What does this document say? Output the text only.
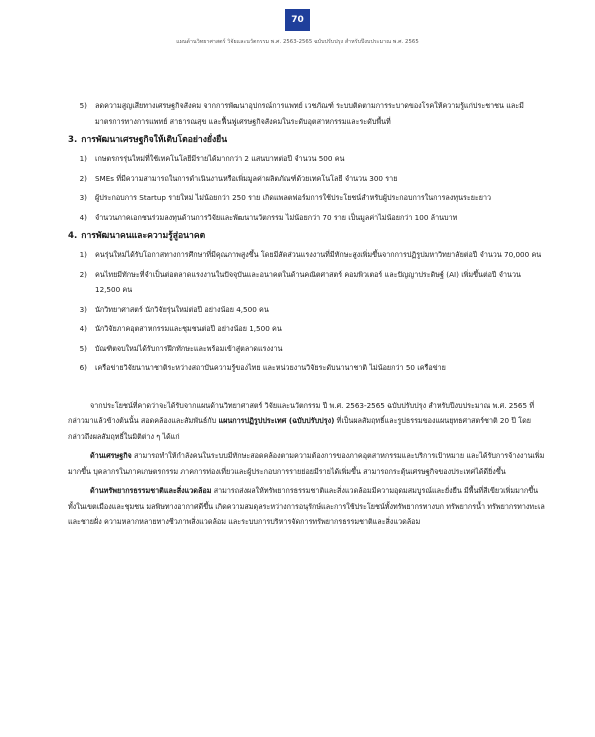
70
แผนด้านวิทยาศาสตร์ วิจัยและนวัตกรรม พ.ศ. 2563-2565 ฉบับปรับปรุง สำหรับปีงบประมาณ พ.ศ. 2565
5)	ลดความสูญเสียทางเศรษฐกิจสังคม จากการพัฒนาอุปกรณ์การแพทย์ เวชภัณฑ์ ระบบติดตามการระบาดของโรคให้ความรู้แก่ประชาชน และมีมาตรการทางการแพทย์ สาธารณสุข และฟื้นฟูเศรษฐกิจสังคมในระดับอุตสาหกรรมและระดับพื้นที่
3. การพัฒนาเศรษฐกิจให้เติบโตอย่างยั่งยืน
1)	เกษตรกรรุ่นใหม่ที่ใช้เทคโนโลยีมีรายได้มากกว่า 2 แสนบาทต่อปี จำนวน 500 คน
2)	SMEs ที่มีความสามารถในการดำเนินงานหรือเพิ่มมูลค่าผลิตภัณฑ์ด้วยเทคโนโลยี จำนวน 300 ราย
3)	ผู้ประกอบการ Startup รายใหม่ ไม่น้อยกว่า 250 ราย เกิดแพลตฟอร์มการใช้ประโยชน์สำหรับผู้ประกอบการในการลงทุนระยะยาว
4)	จำนวนภาคเอกชนร่วมลงทุนด้านการวิจัยและพัฒนานวัตกรรม ไม่น้อยกว่า 70 ราย เป็นมูลค่าไม่น้อยกว่า 100 ล้านบาท
4. การพัฒนาคนและความรู้สู่อนาคต
1)	คนรุ่นใหม่ได้รับโอกาสทางการศึกษาที่มีคุณภาพสูงขึ้น โดยมีสัดส่วนแรงงานที่มีทักษะสูงเพิ่มขึ้นจากการปฏิรูปมหาวิทยาลัยต่อปี จำนวน 70,000 คน
2)	คนไทยมีทักษะที่จำเป็นต่อตลาดแรงงานในปัจจุบันและอนาคตในด้านคณิตศาสตร์ คอมพิวเตอร์ และปัญญาประดิษฐ์ (AI) เพิ่มขึ้นต่อปี จำนวน 12,500 คน
3)	นักวิทยาศาสตร์ นักวิจัยรุ่นใหม่ต่อปี อย่างน้อย 4,500 คน
4)	นักวิจัยภาคอุตสาหกรรมและชุมชนต่อปี อย่างน้อย 1,500 คน
5)	บัณฑิตจบใหม่ได้รับการฝึกทักษะและพร้อมเข้าสู่ตลาดแรงงาน
6)	เครือข่ายวิจัยนานาชาติระหว่างสถาบันความรู้ของไทย และหน่วยงานวิจัยระดับนานาชาติ ไม่น้อยกว่า 50 เครือข่าย

จากประโยชน์ที่คาดว่าจะได้รับจากแผนด้านวิทยาศาสตร์ วิจัยและนวัตกรรม ปี พ.ศ. 2563-2565 ฉบับปรับปรุง สำหรับปีงบประมาณ พ.ศ. 2565 ที่กล่าวมาแล้วข้างต้นนั้น สอดคล้องและสัมพันธ์กับ แผนการปฏิรูปประเทศ (ฉบับปรับปรุง) ที่เป็นผลสัมฤทธิ์และรูปธรรมของแผนยุทธศาสตร์ชาติ 20 ปี โดยกล่าวถึงผลสัมฤทธิ์ในมิติต่าง ๆ ได้แก่

ด้านเศรษฐกิจ สามารถทำให้กำลังคนในระบบมีทักษะสอดคล้องตามความต้องการของภาคอุตสาหกรรมและบริการเป้าหมาย และได้รับการจ้างงานเพิ่มมากขึ้น บุคลากรในภาคเกษตรกรรม ภาคการท่องเที่ยวและผู้ประกอบการรายย่อยมีรายได้เพิ่มขึ้น สามารถกระตุ้นเศรษฐกิจของประเทศได้ดียิ่งขึ้น

ด้านทรัพยากรธรรมชาติและสิ่งแวดล้อม สามารถส่งผลให้ทรัพยากรธรรมชาติและสิ่งแวดล้อมมีความอุดมสมบูรณ์และยั่งยืน มีพื้นที่สีเขียวเพิ่มมากขึ้นทั้งในเขตเมืองและชุมชน มลพิษทางอากาศดีขึ้น เกิดความสมดุลระหว่างการอนุรักษ์และการใช้ประโยชน์ทั้งทรัพยากรทางบก ทรัพยากรน้ำ ทรัพยากรทางทะเลและชายฝั่ง ความหลากหลายทางชีวภาพสิ่งแวดล้อม และระบบการบริหารจัดการทรัพยากรธรรมชาติและสิ่งแวดล้อม
